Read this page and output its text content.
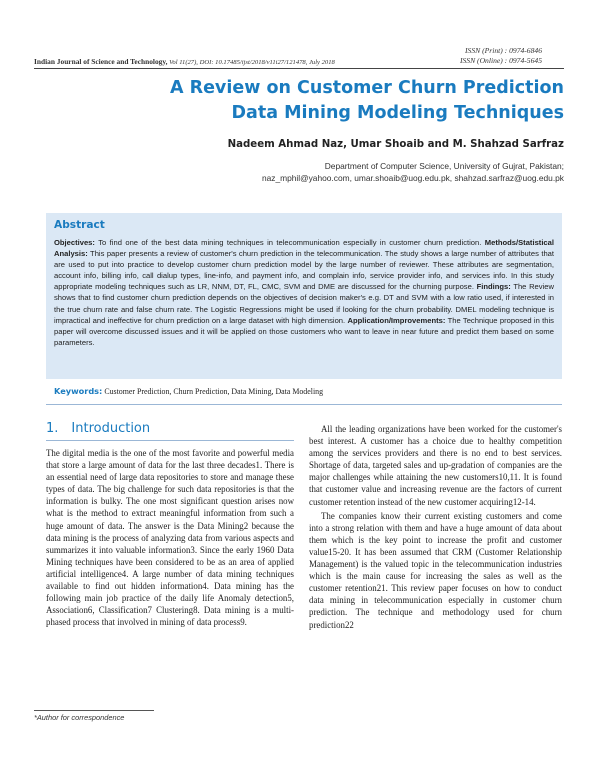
ISSN (Print) : 0974-6846
ISSN (Online) : 0974-5645
Indian Journal of Science and Technology, Vol 11(27), DOI: 10.17485/ijst/2018/v11i27/121478, July 2018
A Review on Customer Churn Prediction
Data Mining Modeling Techniques
Nadeem Ahmad Naz, Umar Shoaib and M. Shahzad Sarfraz
Department of Computer Science, University of Gujrat, Pakistan;
naz_mphil@yahoo.com, umar.shoaib@uog.edu.pk, shahzad.sarfraz@uog.edu.pk
Abstract

Objectives: To find one of the best data mining techniques in telecommunication especially in customer churn prediction. Methods/Statistical Analysis: This paper presents a review of customer's churn prediction in the telecommunication. The study shows a large number of attributes that are used to put into practice to develop customer churn prediction model by the large number of reviewer. These attributes are segmentation, account info, billing info, call dialup types, line-info, and payment info, and complain info, service provider info, and services info. In this study appropriate modeling techniques such as LR, NNM, DT, FL, CMC, SVM and DME are discussed for the churning purpose. Findings: The Review shows that to find customer churn prediction depends on the objectives of decision maker's e.g. DT and SVM with a low ratio used, if interested in the true churn rate and false churn rate. The Logistic Regressions might be used if looking for the churn probability. DMEL modeling technique is impractical and ineffective for churn prediction on a large dataset with high dimension. Application/Improvements: The Technique proposed in this paper will overcome discussed issues and it will be applied on those customers who want to leave in near future and predict them based on some parameters.

Keywords: Customer Prediction, Churn Prediction, Data Mining, Data Modeling
1. Introduction

The digital media is the one of the most favorite and powerful media that store a large amount of data for the last three decades1. There is an essential need of large data repositories to store and manage these types of data. The big challenge for such data repositories is that the information is bulky. The one most significant question arises now what is the method to extract meaningful information from such a huge amount of data. The answer is the Data Mining2 because the data mining is the process of analyzing data from various aspects and summarizes it into valuable information3. Since the early 1960 Data Mining techniques have been considered to be as an area of applied artificial intelligence4. A large number of data mining techniques available to find out hidden information4. Data mining has the following main job practice of the daily life Anomaly detection5, Association6, Classification7 Clustering8. Data mining is a multi-phased process that involved in mining of data process9.

All the leading organizations have been worked for the customer's best interest. A customer has a choice due to healthy competition among the services providers and there is no end to best services. Shortage of data, targeted sales and up-gradation of companies are the major challenges while attaining the new customers10,11. It is found that customer value and increasing revenue are the factors of current customer retention instead of the new customer acquiring12-14.

The companies know their current existing customers and come into a strong relation with them and have a huge amount of data about them which is the key point to increase the profit and customer value15-20. It has been assumed that CRM (Customer Relationship Management) is the valued topic in the telecommunication industries which is the main cause for increasing the sales as well as the customer retention21. This review paper focuses on how to conduct data mining in telecommunication especially in customer churn prediction. The technique and methodology used for churn prediction22

*Author for correspondence
